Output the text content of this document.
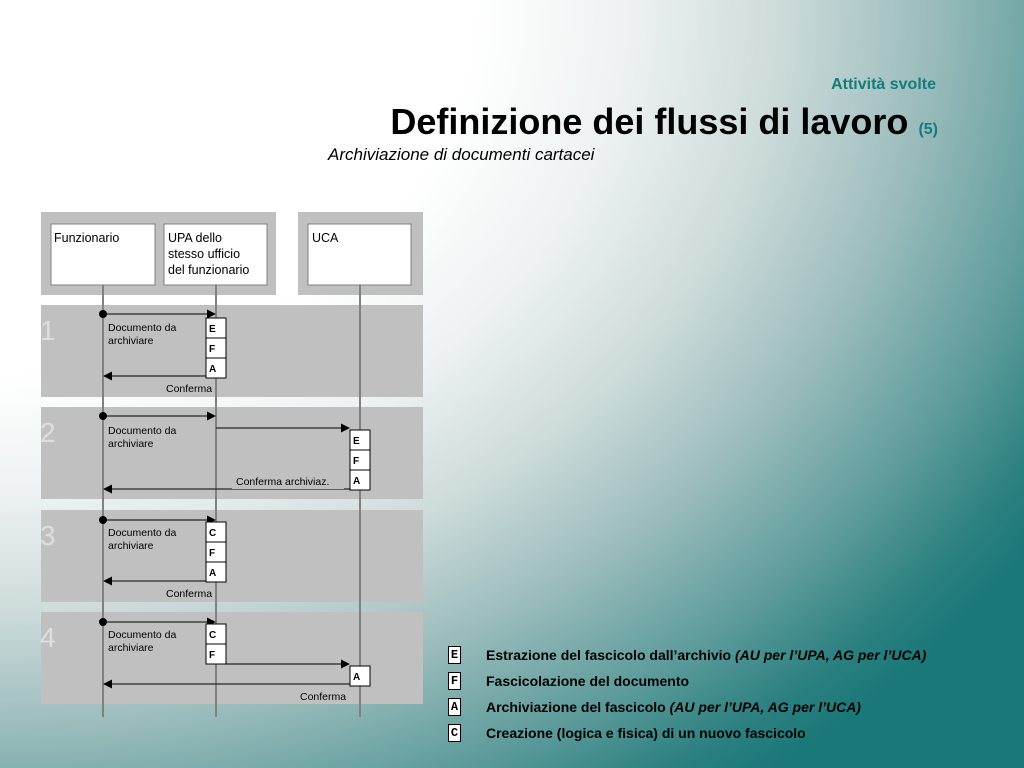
Attività svolte
Definizione dei flussi di lavoro (5)
Archiviazione di documenti cartacei
1
2
3
4
Funzionario	UPA dello stesso ufficio del funzionario
UCA
Documento da archiviare
E
F
A
Conferma
Documento da archiviare	E
F
A
Conferma archiviaz.
Documento da archiviare
C
F
A
Conferma
Documento da archiviare
C
F
A
Conferma
E Estrazione del fascicolo dall’archivio (AU per l’UPA, AG per l’UCA)
F Fascicolazione del documento
A Archiviazione del fascicolo (AU per l’UPA, AG per l’UCA)
C Creazione (logica e fisica) di un nuovo fascicolo
